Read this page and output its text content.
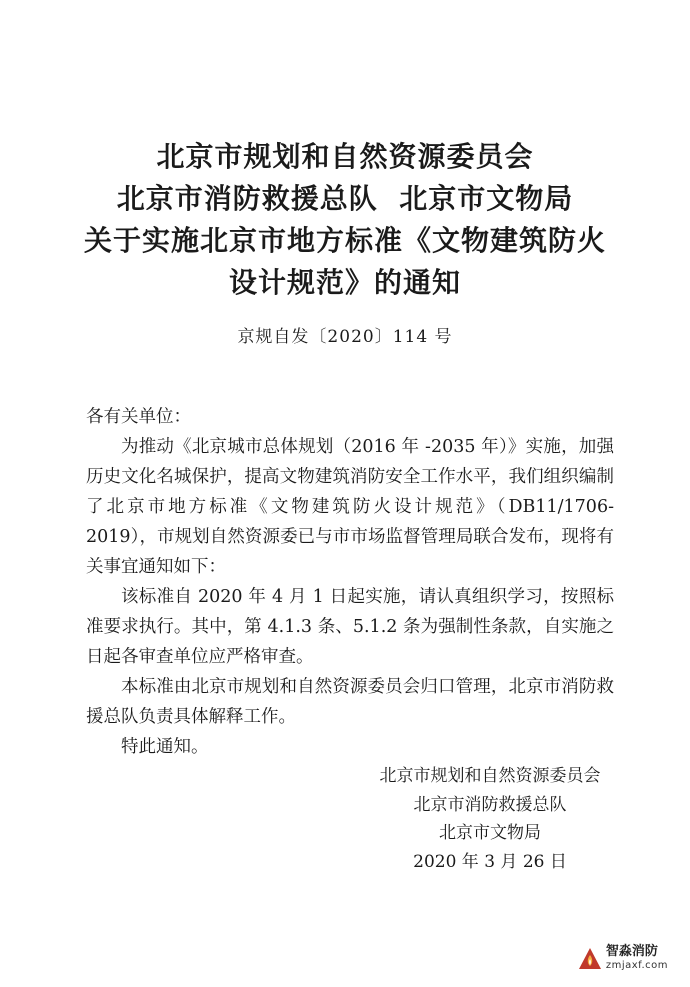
北京市规划和自然资源委员会
北京市消防救援总队  北京市文物局
关于实施北京市地方标准《文物建筑防火
设计规范》的通知
京规自发〔2020〕114 号
各有关单位：

为推动《北京城市总体规划（2016 年 -2035 年）》实施，加强历史文化名城保护，提高文物建筑消防安全工作水平，我们组织编制了北京市地方标准《文物建筑防火设计规范》（DB11/1706-2019），市规划自然资源委已与市市场监督管理局联合发布，现将有关事宜通知如下：

该标准自 2020 年 4 月 1 日起实施，请认真组织学习，按照标准要求执行。其中，第 4.1.3 条、5.1.2 条为强制性条款，自实施之日起各审查单位应严格审查。

本标准由北京市规划和自然资源委员会归口管理，北京市消防救援总队负责具体解释工作。

特此通知。

北京市规划和自然资源委员会
北京市消防救援总队
北京市文物局
2020 年 3 月 26 日
智淼消防
zmjaxf.com
